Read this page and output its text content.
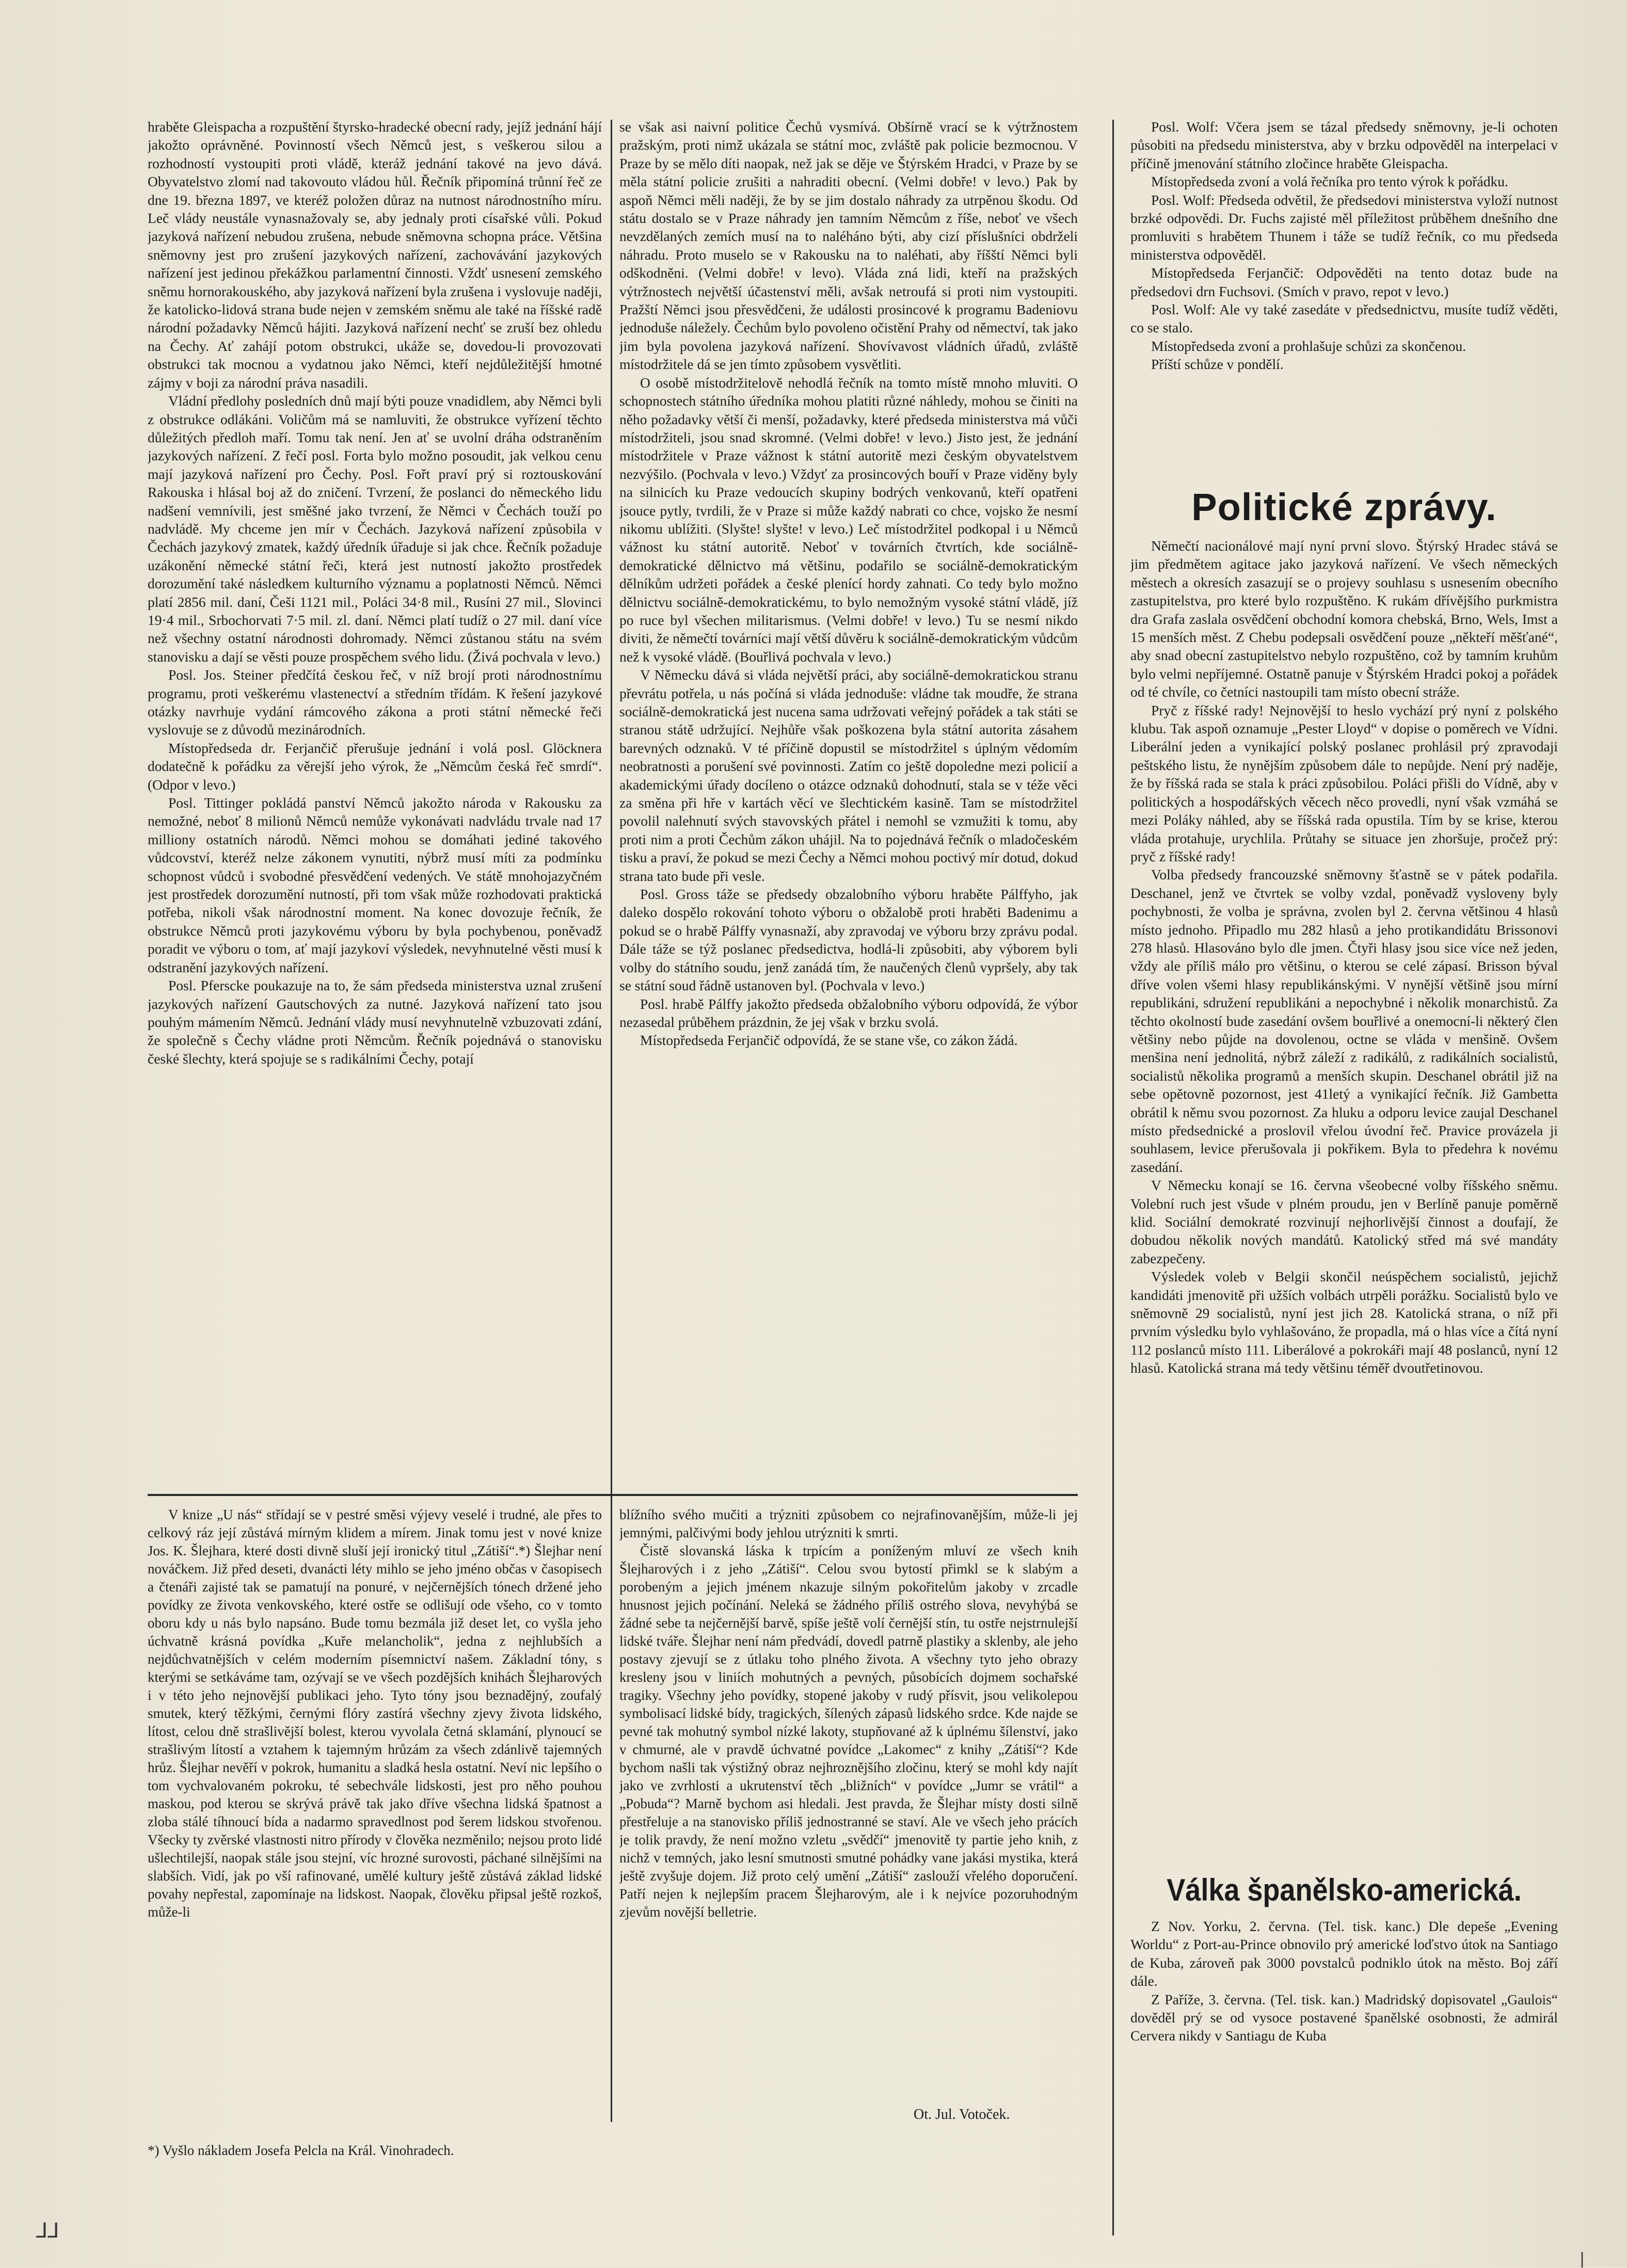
hraběte Gleispacha a rozpuštění štyrsko-hradecké obecní rady, jejíž jednání hájí jakožto oprávněné. Povinností všech Němců jest, s veškerou silou a rozhodností vystoupiti proti vládě, kteráž jednání takové na jevo dává. Obyvatelstvo zlomí nad takovouto vládou hůl. Řečník připomíná trůnní řeč ze dne 19. března 1897, ve kteréž položen důraz na nutnost národnostního míru. Leč vlády neustále vynasnažovaly se, aby jednaly proti císařské vůli. Pokud jazyková nařízení nebudou zrušena, nebude sněmovna schopna práce. Většina sněmovny jest pro zrušení jazykových nařízení, zachovávání jazykových nařízení jest jedinou překážkou parlamentní činnosti. Vždť usnesení zemského sněmu hornorakouského, aby jazyková nařízení byla zrušena i vyslovuje naději, že katolicko-lidová strana bude nejen v zemském sněmu ale také na říšské radě národní požadavky Němců hájiti. Jazyková nařízení nechť se zruší bez ohledu na Čechy. Ať zahájí potom obstrukci, ukáže se, dovedou-li provozovati obstrukci tak mocnou a vydatnou jako Němci, kteří nejdůležitější hmotné zájmy v boji za národní práva nasadili.

Vládní předlohy posledních dnů mají býti pouze vnadidlem, aby Němci byli z obstrukce odlákáni. Voličům má se namluviti, že obstrukce vyřízení těchto důležitých předloh maří. Tomu tak není. Jen ať se uvolní dráha odstraněním jazykových nařízení. Z řečí posl. Forta bylo možno posoudit, jak velkou cenu mají jazyková nařízení pro Čechy. Posl. Fořt praví prý si roztouskování Rakouska i hlásal boj až do zničení. Tvrzení, že poslanci do německého lidu nadšení vemnívili, jest směšné jako tvrzení, že Němci v Čechách touží po nadvládě. My chceme jen mír v Čechách. Jazyková nařízení způsobila v Čechách jazykový zmatek, každý úředník úřaduje si jak chce. Řečník požaduje uzákonění německé státní řeči, která jest nutností jakožto prostředek dorozumění také následkem kulturního významu a poplatnosti Němců. Němci platí 2856 mil. daní, Češi 1121 mil., Poláci 34·8 mil., Rusíni 27 mil., Slovinci 19·4 mil., Srbochorvati 7·5 mil. zl. daní. Němci platí tudíž o 27 mil. daní více než všechny ostatní národnosti dohromady. Němci zůstanou státu na svém stanovisku a dají se věsti pouze prospěchem svého lidu. (Živá pochvala v levo.)

Posl. Jos. Steiner předčítá českou řeč, v níž brojí proti národnostnímu programu, proti veškerému vlastenectví a středním třídám. K řešení jazykové otázky navrhuje vydání rámcového zákona a proti státní německé řeči vyslovuje se z důvodů mezinárodních.

Místopředseda dr. Ferjančič přerušuje jednání i volá posl. Glöcknera dodatečně k pořádku za věrejší jeho výrok, že „Němcům česká řeč smrdí“. (Odpor v levo.)

Posl. Tittinger pokládá panství Němců jakožto národa v Rakousku za nemožné, neboť 8 milionů Němců nemůže vykonávati nadvládu trvale nad 17 milliony ostatních národů. Němci mohou se domáhati jediné takového vůdcovství, kteréž nelze zákonem vynutiti, nýbrž musí míti za podmínku schopnost vůdců i svobodné přesvědčení vedených. Ve státě mnohojazyčném jest prostředek dorozumění nutností, při tom však může rozhodovati praktická potřeba, nikoli však národnostní moment. Na konec dovozuje řečník, že obstrukce Němců proti jazykovému výboru by byla pochybenou, poněvadž poradit ve výboru o tom, ať mají jazykoví výsledek, nevyhnutelné věsti musí k odstranění jazykových nařízení.

Posl. Pferscke poukazuje na to, že sám předseda ministerstva uznal zrušení jazykových nařízení Gautschových za nutné. Jazyková nařízení tato jsou pouhým mámením Němců. Jednání vlády musí nevyhnutelně vzbuzovati zdání, že společně s Čechy vládne proti Němcům. Řečník pojednává o stanovisku české šlechty, která spojuje se s radikálními Čechy, potají

se však asi naivní politice Čechů vysmívá. Obšírně vrací se k výtržnostem pražským, proti nimž ukázala se státní moc, zvláště pak policie bezmocnou. V Praze by se mělo díti naopak, než jak se děje ve Štýrském Hradci, v Praze by se měla státní policie zrušiti a nahraditi obecní. (Velmi dobře! v levo.) Pak by aspoň Němci měli naději, že by se jim dostalo náhrady za utrpěnou škodu. Od státu dostalo se v Praze náhrady jen tamním Němcům z říše, neboť ve všech nevzdělaných zemích musí na to naléháno býti, aby cizí příslušníci obdrželi náhradu. Proto muselo se v Rakousku na to naléhati, aby říšští Němci byli odškodněni. (Velmi dobře! v levo). Vláda zná lidi, kteří na pražských výtržnostech největší účastenství měli, avšak netroufá si proti nim vystoupiti. Pražští Němci jsou přesvědčeni, že události prosincové k programu Badeniovu jednoduše náležely. Čechům bylo povoleno očistění Prahy od němectví, tak jako jim byla povolena jazyková nařízení. Shovívavost vládních úřadů, zvláště místodržitele dá se jen tímto způsobem vysvětliti.

O osobě místodržitelově nehodlá řečník na tomto místě mnoho mluviti. O schopnostech státního úředníka mohou platiti různé náhledy, mohou se činiti na něho požadavky větší či menší, požadavky, které předseda ministerstva má vůči místodržiteli, jsou snad skromné. (Velmi dobře! v levo.) Jisto jest, že jednání místodržitele v Praze vážnost k státní autoritě mezi českým obyvatelstvem nezvýšilo. (Pochvala v levo.) Vždyť za prosincových bouří v Praze viděny byly na silnicích ku Praze vedoucích skupiny bodrých venkovanů, kteří opatřeni jsouce pytly, tvrdili, že v Praze si může každý nabrati co chce, vojsko že nesmí nikomu ublížiti. (Slyšte! slyšte! v levo.) Leč místodržitel podkopal i u Němců vážnost ku státní autoritě. Neboť v továrních čtvrtích, kde sociálně-demokratické dělnictvo má většinu, podařilo se sociálně-demokratickým dělníkům udržeti pořádek a české plenící hordy zahnati. Co tedy bylo možno dělnictvu sociálně-demokratickému, to bylo nemožným vysoké státní vládě, jíž po ruce byl všechen militarismus. (Velmi dobře! v levo.) Tu se nesmí nikdo diviti, že němečtí továrníci mají větší důvěru k sociálně-demokratickým vůdcům než k vysoké vládě. (Bouřlivá pochvala v levo.)

V Německu dává si vláda největší práci, aby sociálně-demokratickou stranu převrátu potřela, u nás počíná si vláda jednoduše: vládne tak moudře, že strana sociálně-demokratická jest nucena sama udržovati veřejný pořádek a tak státi se stranou státě udržující. Nejhůře však poškozena byla státní autorita zásahem barevných odznaků. V té příčině dopustil se místodržitel s úplným vědomím neobratnosti a porušení své povinnosti. Zatím co ještě dopoledne mezi policií a akademickými úřady docíleno o otázce odznaků dohodnutí, stala se v téže věci za směna při hře v kartách věcí ve šlechtickém kasině. Tam se místodržitel povolil nalehnutí svých stavovských přátel i nemohl se vzmužiti k tomu, aby proti nim a proti Čechům zákon uhájil. Na to pojednává řečník o mladočeském tisku a praví, že pokud se mezi Čechy a Němci mohou poctivý mír dotud, dokud strana tato bude při vesle.

Posl. Gross táže se předsedy obzalobního výboru hraběte Pálffyho, jak daleko dospělo rokování tohoto výboru o obžalobě proti hraběti Badenimu a pokud se o hrabě Pálffy vynasnaží, aby zpravodaj ve výboru brzy zprávu podal. Dále táže se týž poslanec předsedictva, hodlá-li způsobiti, aby výborem byli volby do státního soudu, jenž zanádá tím, že naučených členů vypršely, aby tak se státní soud řádně ustanoven byl. (Pochvala v levo.)

Posl. hrabě Pálffy jakožto předseda obžalobního výboru odpovídá, že výbor nezasedal průběhem prázdnin, že jej však v brzku svolá.

Místopředseda Ferjančič odpovídá, že se stane vše, co zákon žádá.

Posl. Wolf: Včera jsem se tázal předsedy sněmovny, je-li ochoten působiti na předsedu ministerstva, aby v brzku odpověděl na interpelaci v příčině jmenování státního zločince hraběte Gleispacha.

Místopředseda zvoní a volá řečníka pro tento výrok k pořádku.

Posl. Wolf: Předseda odvětil, že předsedovi ministerstva vyloží nutnost brzké odpovědi. Dr. Fuchs zajisté měl příležitost průběhem dnešního dne promluviti s hrabětem Thunem i táže se tudíž řečník, co mu předseda ministerstva odpověděl.

Místopředseda Ferjančič: Odpověděti na tento dotaz bude na předsedovi drn Fuchsovi. (Smích v pravo, repot v levo.)

Posl. Wolf: Ale vy také zasedáte v předsednictvu, musíte tudíž věděti, co se stalo.

Místopředseda zvoní a prohlašuje schůzi za skončenou.

Příští schůze v pondělí.

Politické zprávy.

Němečtí nacionálové mají nyní první slovo. Štýrský Hradec stává se jim předmětem agitace jako jazyková nařízení. Ve všech německých městech a okresích zasazují se o projevy souhlasu s usnesením obecního zastupitelstva, pro které bylo rozpuštěno. K rukám dřívějšího purkmistra dra Grafa zaslala osvědčení obchodní komora chebská, Brno, Wels, Imst a 15 menších měst. Z Chebu podepsali osvědčení pouze „někteří měšťané“, aby snad obecní zastupitelstvo nebylo rozpuštěno, což by tamním kruhům bylo velmi nepříjemné. Ostatně panuje v Štýrském Hradci pokoj a pořádek od té chvíle, co četníci nastoupili tam místo obecní stráže.

Pryč z říšské rady! Nejnovější to heslo vychází prý nyní z polského klubu. Tak aspoň oznamuje „Pester Lloyd“ v dopise o poměrech ve Vídni. Liberální jeden a vynikající polský poslanec prohlásil prý zpravodaji peštského listu, že nynějším způsobem dále to nepůjde. Není prý naděje, že by říšská rada se stala k práci způsobilou. Poláci přišli do Vídně, aby v politických a hospodářských věcech něco provedli, nyní však vzmáhá se mezi Poláky náhled, aby se říšská rada opustila. Tím by se krise, kterou vláda protahuje, urychlila. Průtahy se situace jen zhoršuje, pročež prý: pryč z říšské rady!

Volba předsedy francouzské sněmovny šťastně se v pátek podařila. Deschanel, jenž ve čtvrtek se volby vzdal, poněvadž vysloveny byly pochybnosti, že volba je správna, zvolen byl 2. června většinou 4 hlasů místo jednoho. Připadlo mu 282 hlasů a jeho protikandidátu Brissonovi 278 hlasů. Hlasováno bylo dle jmen. Čtyři hlasy jsou sice více než jeden, vždy ale příliš málo pro většinu, o kterou se celé zápasí. Brisson býval dříve volen všemi hlasy republikánskými. V nynější většině jsou mírní republikáni, sdružení republikáni a nepochybné i několik monarchistů. Za těchto okolností bude zasedání ovšem bouřlivé a onemocní-li některý člen většiny nebo půjde na dovolenou, octne se vláda v menšině. Ovšem menšina není jednolitá, nýbrž záleží z radikálů, z radikálních socialistů, socialistů několika programů a menších skupin. Deschanel obrátil již na sebe opětovně pozornost, jest 41letý a vynikající řečník. Již Gambetta obrátil k němu svou pozornost. Za hluku a odporu levice zaujal Deschanel místo předsednické a proslovil vřelou úvodní řeč. Pravice provázela ji souhlasem, levice přerušovala ji pokřikem. Byla to předehra k novému zasedání.

V Německu konají se 16. června všeobecné volby říšského sněmu. Volební ruch jest všude v plném proudu, jen v Berlíně panuje poměrně klid. Sociální demokraté rozvinují nejhorlivější činnost a doufají, že dobudou několik nových mandátů. Katolický střed má své mandáty zabezpečeny.

Výsledek voleb v Belgii skončil neúspěchem socialistů, jejichž kandidáti jmenovitě při užších volbách utrpěli porážku. Socialistů bylo ve sněmovně 29 socialistů, nyní jest jich 28. Katolická strana, o níž při prvním výsledku bylo vyhlašováno, že propadla, má o hlas více a čítá nyní 112 poslanců místo 111. Liberálové a pokrokáři mají 48 poslanců, nyní 12 hlasů. Katolická strana má tedy většinu téměř dvoutřetinovou.

Válka španělsko-americká.

Z Nov. Yorku, 2. června. (Tel. tisk. kanc.) Dle depeše „Evening Worldu“ z Port-au-Prince obnovilo prý americké loďstvo útok na Santiago de Kuba, zároveň pak 3000 povstalců podniklo útok na město. Boj září dále.

Z Paříže, 3. června. (Tel. tisk. kan.) Madridský dopisovatel „Gaulois“ dověděl prý se od vysoce postavené španělské osobnosti, že admirál Cervera nikdy v Santiagu de Kuba

V knize „U nás“ střídají se v pestré směsi výjevy veselé i trudné, ale přes to celkový ráz její zůstává mírným klidem a mírem. Jinak tomu jest v nové knize Jos. K. Šlejhara, které dosti divně sluší její ironický titul „Zátiší“.*) Šlejhar není nováčkem. Již před deseti, dvanácti léty mihlo se jeho jméno občas v časopisech a čtenáři zajisté tak se pamatují na ponuré, v nejčernějších tónech držené jeho povídky ze života venkovského, které ostře se odlišují ode všeho, co v tomto oboru kdy u nás bylo napsáno. Bude tomu bezmála již deset let, co vyšla jeho úchvatně krásná povídka „Kuře melancholik“, jedna z nejhlubších a nejdůchvatnějších v celém moderním písemnictví našem. Základní tóny, s kterými se setkáváme tam, ozývají se ve všech pozdějších knihách Šlejharových i v této jeho nejnovější publikaci jeho. Tyto tóny jsou beznadějný, zoufalý smutek, který těžkými, černými flóry zastírá všechny zjevy života lidského, lítost, celou dně strašlivější bolest, kterou vyvolala četná sklamání, plynoucí se strašlivým lítostí a vztahem k tajemným hrůzám za všech zdánlivě tajemných hrůz. Šlejhar nevěří v pokrok, humanitu a sladká hesla ostatní. Neví nic lepšího o tom vychvalovaném pokroku, té sebechvále lidskosti, jest pro něho pouhou maskou, pod kterou se skrývá právě tak jako dříve všechna lidská špatnost a zloba stálé tíhnoucí bída a nadarmo spravedlnost pod šerem lidskou stvořenou. Všecky ty zvěrské vlastnosti nitro přírody v člověka nezměnilo; nejsou proto lidé ušlechtilejší, naopak stále jsou stejní, víc hrozné surovosti, páchané silnějšími na slabších. Vidí, jak po vší rafinované, umělé kultury ještě zůstává základ lidské povahy nepřestal, zapomínaje na lidskost. Naopak, člověku připsal ještě rozkoš, může-li

blížního svého mučiti a trýzniti způsobem co nejrafinovanějším, může-li jej jemnými, palčivými body jehlou utrýzniti k smrti.

Čistě slovanská láska k trpícím a poníženým mluví ze všech knih Šlejharových i z jeho „Zátiší“. Celou svou bytostí přimkl se k slabým a porobeným a jejich jménem nkazuje silným pokořitelům jakoby v zrcadle hnusnost jejich počínání. Neleká se žádného příliš ostrého slova, nevyhýbá se žádné sebe ta nejčernější barvě, spíše ještě volí černější stín, tu ostře nejstrnulejší lidské tváře. Šlejhar není nám předvádí, dovedl patrně plastiky a sklenby, ale jeho postavy zjevují se z útlaku toho plného života. A všechny tyto jeho obrazy kresleny jsou v liniích mohutných a pevných, působících dojmem sochařské tragiky. Všechny jeho povídky, stopené jakoby v rudý přísvit, jsou velikolepou symbolisací lidské bídy, tragických, šílených zápasů lidského srdce. Kde najde se pevné tak mohutný symbol nízké lakoty, stupňované až k úplnému šílenství, jako v chmurné, ale v pravdě úchvatné povídce „Lakomec“ z knihy „Zátiší“? Kde bychom našli tak výstižný obraz nejhroznějšího zločinu, který se mohl kdy najít jako ve zvrhlosti a ukrutenství těch „bližních“ v povídce „Jumr se vrátil“ a „Pobuda“? Marně bychom asi hledali. Jest pravda, že Šlejhar místy dosti silně přestřeluje a na stanovisko příliš jednostranné se staví. Ale ve všech jeho prácích je tolik pravdy, že není možno vzletu „svědčí“ jmenovitě ty partie jeho knih, z nichž v temných, jako lesní smutnosti smutné pohádky vane jakási mystika, která ještě zvyšuje dojem. Již proto celý umění „Zátiší“ zaslouží vřelého doporučení. Patří nejen k nejlepším pracem Šlejharovým, ale i k nejvíce pozoruhodným zjevům novější belletrie.

Ot. Jul. Votoček.
*) Vyšlo nákladem Josefa Pelcla na Král. Vinohradech.
⅃⅃
|
